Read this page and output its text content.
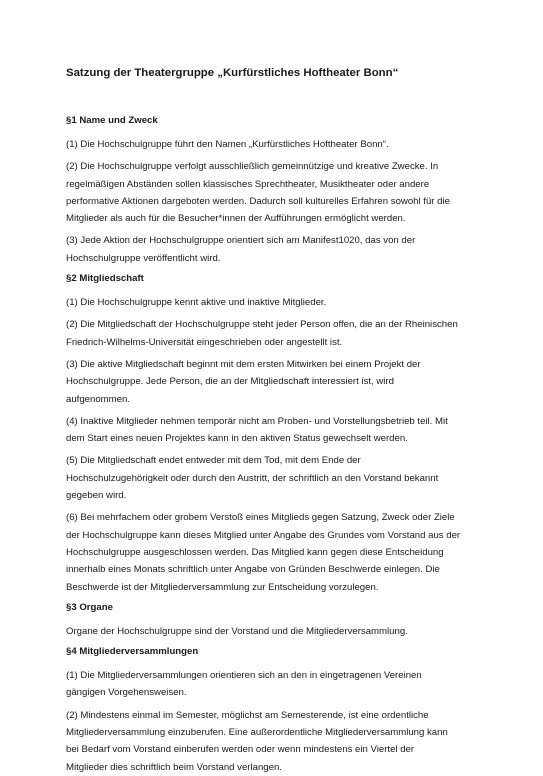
Satzung der Theatergruppe „Kurfürstliches Hoftheater Bonn“
§1 Name und Zweck
(1) Die Hochschulgruppe führt den Namen „Kurfürstliches Hoftheater Bonn“.
(2) Die Hochschulgruppe verfolgt ausschließlich gemeinnützige und kreative Zwecke. In
regelmäßigen Abständen sollen klassisches Sprechtheater, Musiktheater oder andere
performative Aktionen dargeboten werden. Dadurch soll kulturelles Erfahren sowohl für die
Mitglieder als auch für die Besucher*innen der Aufführungen ermöglicht werden.
(3) Jede Aktion der Hochschulgruppe orientiert sich am Manifest1020, das von der
Hochschulgruppe veröffentlicht wird.
§2 Mitgliedschaft
(1) Die Hochschulgruppe kennt aktive und inaktive Mitglieder.
(2) Die Mitgliedschaft der Hochschulgruppe steht jeder Person offen, die an der Rheinischen
Friedrich-Wilhelms-Universität eingeschrieben oder angestellt ist.
(3) Die aktive Mitgliedschaft beginnt mit dem ersten Mitwirken bei einem Projekt der
Hochschulgruppe. Jede Person, die an der Mitgliedschaft interessiert ist, wird
aufgenommen.
(4) Inaktive Mitglieder nehmen temporär nicht am Proben- und Vorstellungsbetrieb teil. Mit
dem Start eines neuen Projektes kann in den aktiven Status gewechselt werden.
(5) Die Mitgliedschaft endet entweder mit dem Tod, mit dem Ende der
Hochschulzugehörigkeit oder durch den Austritt, der schriftlich an den Vorstand bekannt
gegeben wird.
(6) Bei mehrfachem oder grobem Verstoß eines Mitglieds gegen Satzung, Zweck oder Ziele
der Hochschulgruppe kann dieses Mitglied unter Angabe des Grundes vom Vorstand aus der
Hochschulgruppe ausgeschlossen werden. Das Mitglied kann gegen diese Entscheidung
innerhalb eines Monats schriftlich unter Angabe von Gründen Beschwerde einlegen. Die
Beschwerde ist der Mitgliederversammlung zur Entscheidung vorzulegen.
§3 Organe
Organe der Hochschulgruppe sind der Vorstand und die Mitgliederversammlung.
§4 Mitgliederversammlungen
(1) Die Mitgliederversammlungen orientieren sich an den in eingetragenen Vereinen
gängigen Vorgehensweisen.
(2) Mindestens einmal im Semester, möglichst am Semesterende, ist eine ordentliche
Mitgliederversammlung einzuberufen. Eine außerordentliche Mitgliederversammlung kann
bei Bedarf vom Vorstand einberufen werden oder wenn mindestens ein Viertel der
Mitglieder dies schriftlich beim Vorstand verlangen.
